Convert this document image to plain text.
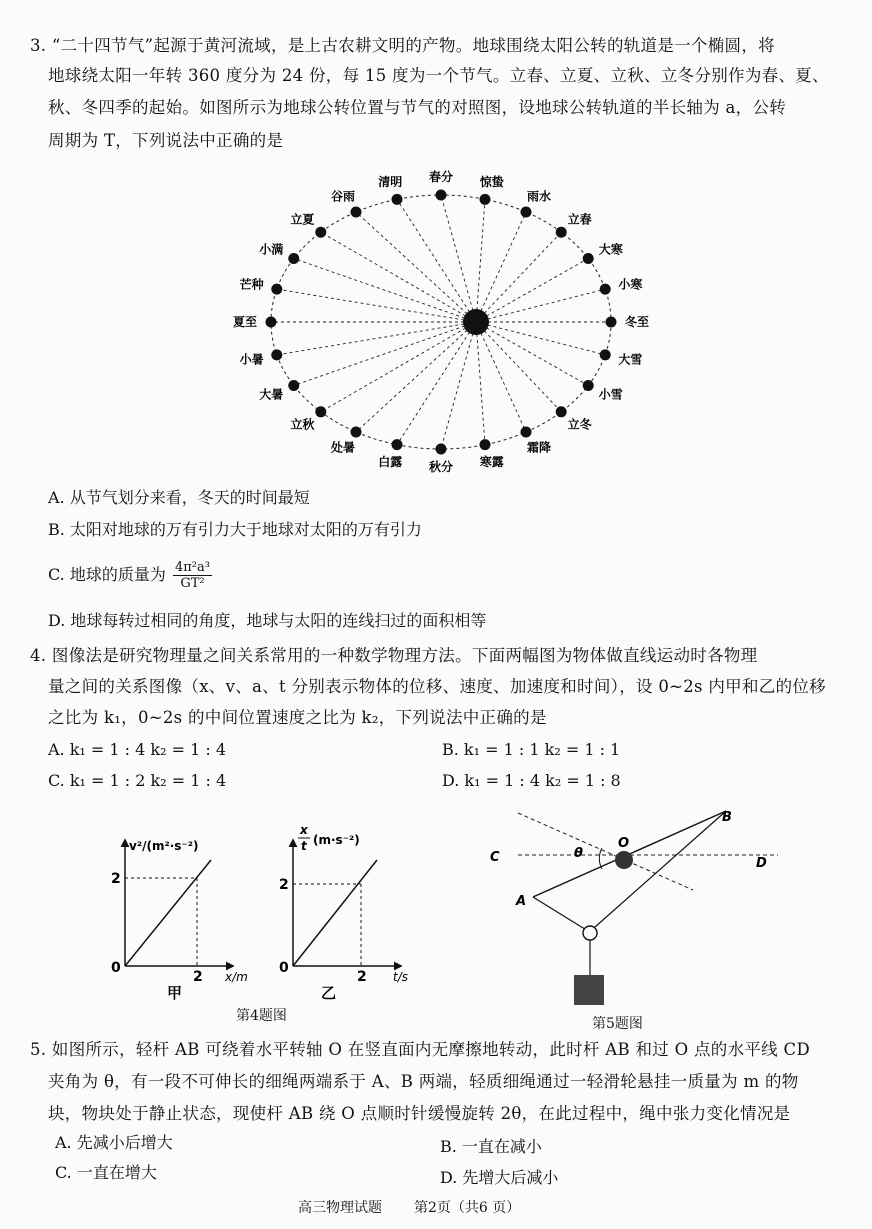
3. “二十四节气”起源于黄河流域，是上古农耕文明的产物。地球围绕太阳公转的轨道是一个椭圆，将
地球绕太阳一年转 360 度分为 24 份，每 15 度为一个节气。立春、立夏、立秋、立冬分别作为春、夏、
秋、冬四季的起始。如图所示为地球公转位置与节气的对照图，设地球公转轨道的半长轴为 a，公转
周期为 T，下列说法中正确的是
冬至
大雪
小雪
立冬
霜降
寒露
秋分
白露
处暑
立秋
大暑
小暑
夏至
芒种
小满
立夏
谷雨
清明 春分 惊蛰
雨水
立春
大寒
小寒
A. 从节气划分来看，冬天的时间最短
B. 太阳对地球的万有引力大于地球对太阳的万有引力
C. 地球的质量为 $\frac{\text{4π²a³}}{\text{GT²}}$
D. 地球每转过相同的角度，地球与太阳的连线扫过的面积相等
4. 图像法是研究物理量之间关系常用的一种数学物理方法。下面两幅图为物体做直线运动时各物理
量之间的关系图像（x、v、a、t 分别表示物体的位移、速度、加速度和时间），设 0~2s 内甲和乙的位移
之比为 k₁，0~2s 的中间位置速度之比为 k₂，下列说法中正确的是
A. k₁ = 1 : 4 k₂ = 1 : 4	B. k₁ = 1 : 1 k₂ = 1 : 1
C. k₁ = 1 : 2 k₂ = 1 : 4	D. k₁ = 1 : 4 k₂ = 1 : 8
v²/(m²·s⁻²)
2
0
2 x/m
甲
x
t (m·s⁻²)
2
0
2 t/s
乙
第4题图
θ
O
C	D
A
B
第5题图
5. 如图所示，轻杆 AB 可绕着水平转轴 O 在竖直面内无摩擦地转动，此时杆 AB 和过 O 点的水平线 CD
夹角为 θ，有一段不可伸长的细绳两端系于 A、B 两端，轻质细绳通过一轻滑轮悬挂一质量为 m 的物
块，物块处于静止状态，现使杆 AB 绕 O 点顺时针缓慢旋转 2θ，在此过程中，绳中张力变化情况是
A. 先减小后增大	B. 一直在减小
C. 一直在增大	D. 先增大后减小
高三物理试题 第2页（共6 页）
